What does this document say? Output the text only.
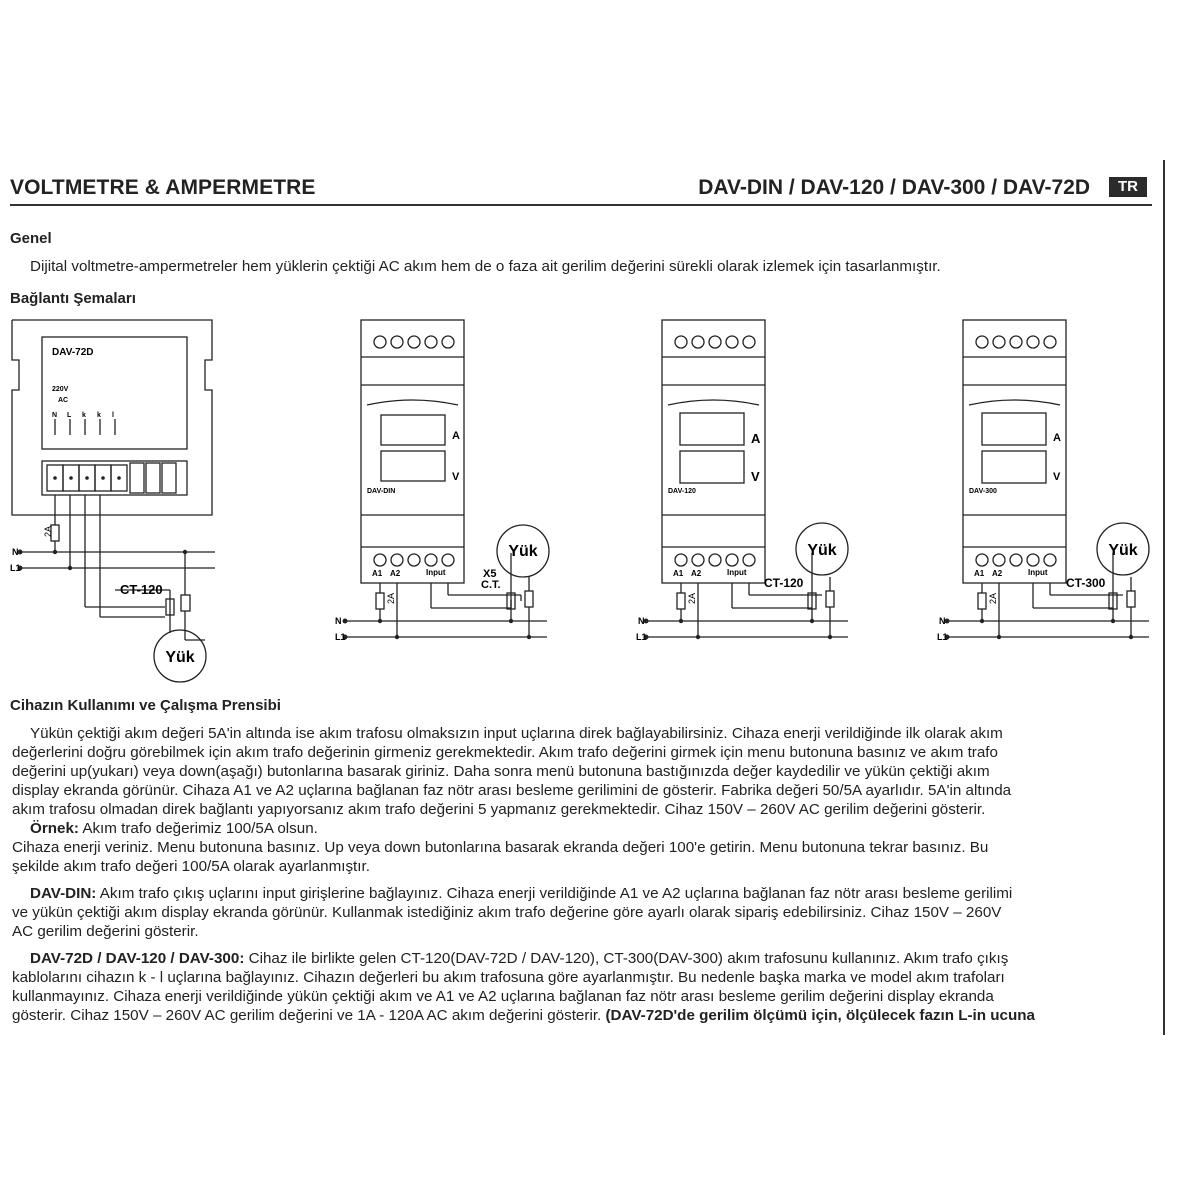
VOLTMETRE & AMPERMETRE	DAV-DIN / DAV-120 / DAV-300 / DAV-72D	TR
Genel

Dijital voltmetre-ampermetreler hem yüklerin çektiği AC akım hem de o faza ait gerilim değerini sürekli olarak izlemek için tasarlanmıştır.

Bağlantı Şemaları
DAV-72D
220V
AC
N L k k l
2A
N
L1
CT-120
Yük
DAV-DIN
A
V
A1 A2	Input	X5
C.T.
2A
N
L1
Yük
DAV-120
A
V
A1 A2	Input
CT-120
2A
N
L1
Yük
DAV-300
A
V
A1 A2	Input
CT-300
2A
N
L1
Yük
Cihazın Kullanımı ve Çalışma Prensibi

Yükün çektiği akım değeri 5A'in altında ise akım trafosu olmaksızın input uçlarına direk bağlayabilirsiniz. Cihaza enerji verildiğinde ilk olarak akım

değerlerini doğru görebilmek için akım trafo değerinin girmeniz gerekmektedir. Akım trafo değerini girmek için menu butonuna basınız ve akım trafo

değerini up(yukarı) veya down(aşağı) butonlarına basarak giriniz. Daha sonra menü butonuna bastığınızda değer kaydedilir ve yükün çektiği akım

display ekranda görünür. Cihaza A1 ve A2 uçlarına bağlanan faz nötr arası besleme gerilimini de gösterir. Fabrika değeri 50/5A ayarlıdır. 5A'in altında

akım trafosu olmadan direk bağlantı yapıyorsanız akım trafo değerini 5 yapmanız gerekmektedir. Cihaz 150V – 260V AC gerilim değerini gösterir.

Örnek: Akım trafo değerimiz 100/5A olsun.

Cihaza enerji veriniz. Menu butonuna basınız. Up veya down butonlarına basarak ekranda değeri 100'e getirin. Menu butonuna tekrar basınız. Bu

şekilde akım trafo değeri 100/5A olarak ayarlanmıştır.

DAV-DIN: Akım trafo çıkış uçlarını input girişlerine bağlayınız. Cihaza enerji verildiğinde A1 ve A2 uçlarına bağlanan faz nötr arası besleme gerilimi

ve yükün çektiği akım display ekranda görünür. Kullanmak istediğiniz akım trafo değerine göre ayarlı olarak sipariş edebilirsiniz. Cihaz 150V – 260V

AC gerilim değerini gösterir.

DAV-72D / DAV-120 / DAV-300: Cihaz ile birlikte gelen CT-120(DAV-72D / DAV-120), CT-300(DAV-300) akım trafosunu kullanınız. Akım trafo çıkış

kablolarını cihazın k - l uçlarına bağlayınız. Cihazın değerleri bu akım trafosuna göre ayarlanmıştır. Bu nedenle başka marka ve model akım trafoları

kullanmayınız. Cihaza enerji verildiğinde yükün çektiği akım ve A1 ve A2 uçlarına bağlanan faz nötr arası besleme gerilim değerini display ekranda

gösterir. Cihaz 150V – 260V AC gerilim değerini ve 1A - 120A AC akım değerini gösterir. (DAV-72D'de gerilim ölçümü için, ölçülecek fazın L-in ucuna
